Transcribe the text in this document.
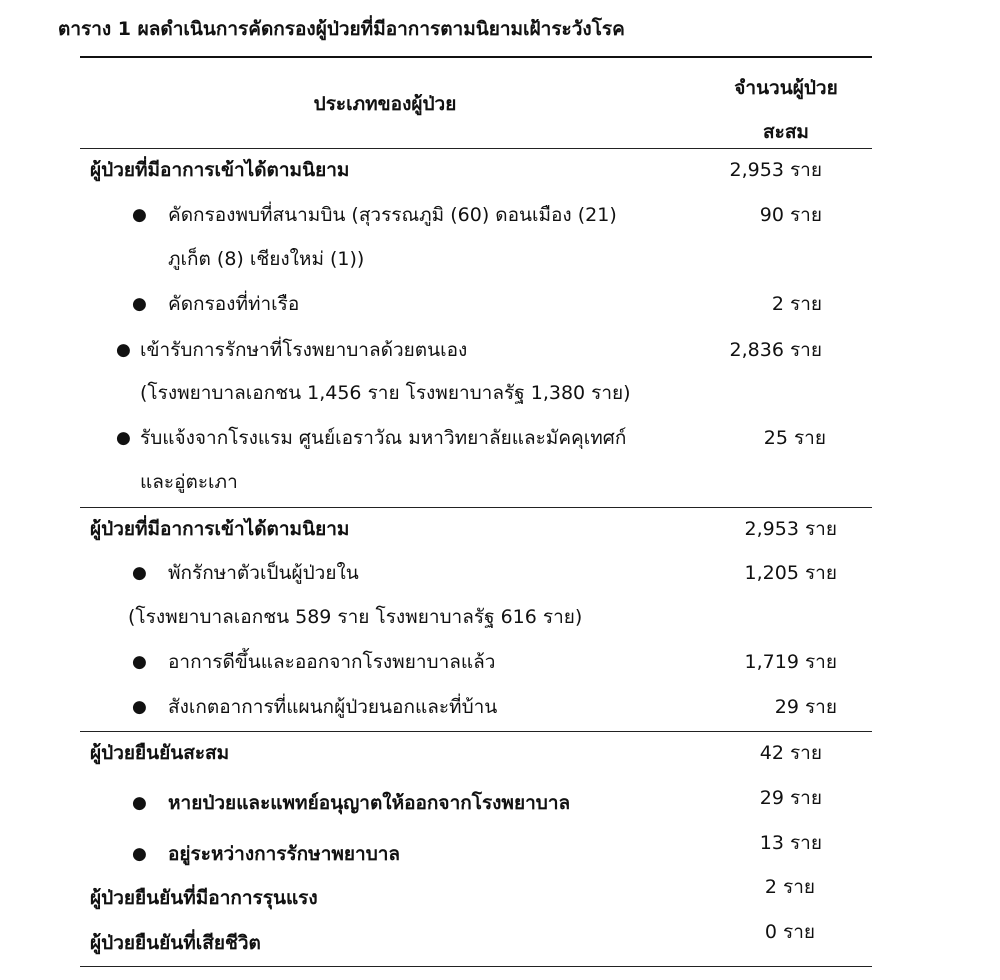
ตาราง 1 ผลดำเนินการคัดกรองผู้ป่วยที่มีอาการตามนิยามเฝ้าระวังโรค
ประเภทของผู้ป่วย
จำนวนผู้ป่วย
สะสม
ผู้ป่วยที่มีอาการเข้าได้ตามนิยาม	2,953 ราย
● คัดกรองพบที่สนามบิน (สุวรรณภูมิ (60) ดอนเมือง (21)	90 ราย
ภูเก็ต (8) เชียงใหม่ (1))
● คัดกรองที่ท่าเรือ	2 ราย
● เข้ารับการรักษาที่โรงพยาบาลด้วยตนเอง	2,836 ราย
(โรงพยาบาลเอกชน 1,456 ราย โรงพยาบาลรัฐ 1,380 ราย)
● รับแจ้งจากโรงแรม ศูนย์เอราวัณ มหาวิทยาลัยและมัคคุเทศก์	25 ราย
และอู่ตะเภา
ผู้ป่วยที่มีอาการเข้าได้ตามนิยาม	2,953 ราย
● พักรักษาตัวเป็นผู้ป่วยใน	1,205 ราย
(โรงพยาบาลเอกชน 589 ราย โรงพยาบาลรัฐ 616 ราย)
● อาการดีขึ้นและออกจากโรงพยาบาลแล้ว	1,719 ราย
● สังเกตอาการที่แผนกผู้ป่วยนอกและที่บ้าน	29 ราย
ผู้ป่วยยืนยันสะสม	42 ราย
● หายป่วยและแพทย์อนุญาตให้ออกจากโรงพยาบาล	29 ราย
● อยู่ระหว่างการรักษาพยาบาล	13 ราย
ผู้ป่วยยืนยันที่มีอาการรุนแรง	2 ราย
ผู้ป่วยยืนยันที่เสียชีวิต	0 ราย
